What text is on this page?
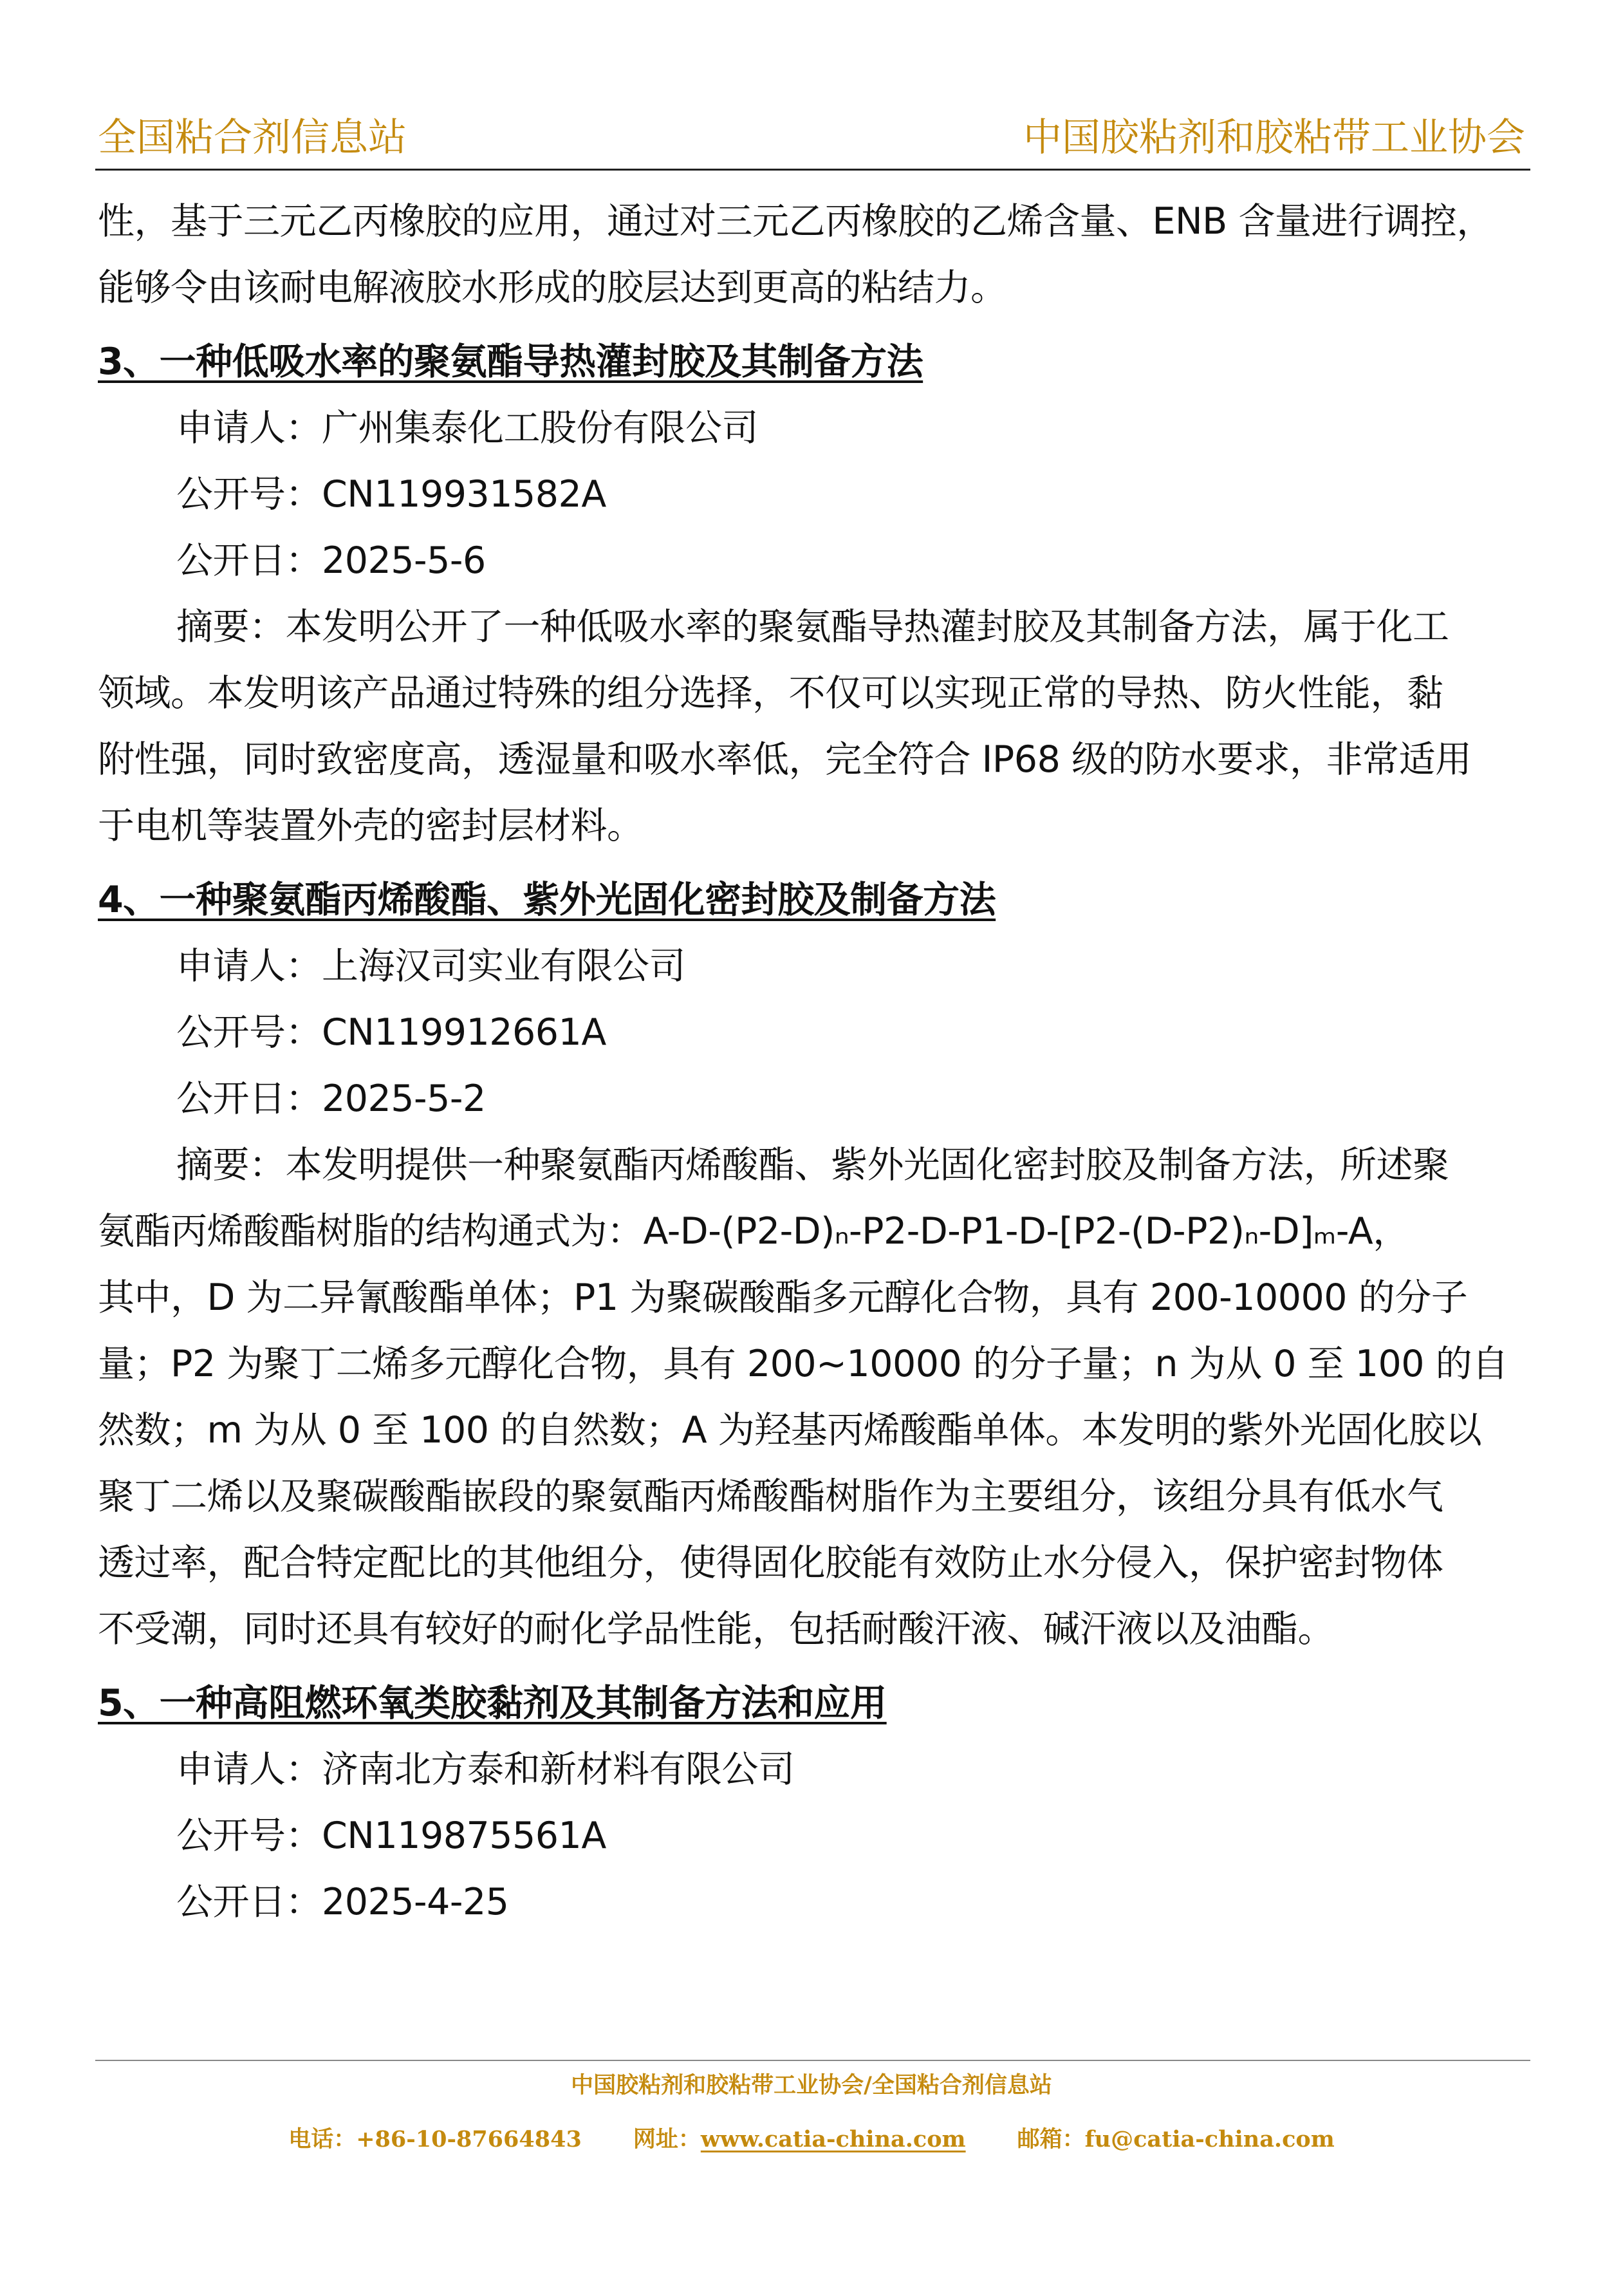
全国粘合剂信息站	中国胶粘剂和胶粘带工业协会
性，基于三元乙丙橡胶的应用，通过对三元乙丙橡胶的乙烯含量、ENB 含量进行调控，
能够令由该耐电解液胶水形成的胶层达到更高的粘结力。
3、一种低吸水率的聚氨酯导热灌封胶及其制备方法
申请人：广州集泰化工股份有限公司
公开号：CN119931582A
公开日：2025-5-6
摘要：本发明公开了一种低吸水率的聚氨酯导热灌封胶及其制备方法，属于化工
领域。本发明该产品通过特殊的组分选择，不仅可以实现正常的导热、防火性能，黏
附性强，同时致密度高，透湿量和吸水率低，完全符合 IP68 级的防水要求，非常适用
于电机等装置外壳的密封层材料。
4、一种聚氨酯丙烯酸酯、紫外光固化密封胶及制备方法
申请人：上海汉司实业有限公司
公开号：CN119912661A
公开日：2025-5-2
摘要：本发明提供一种聚氨酯丙烯酸酯、紫外光固化密封胶及制备方法，所述聚
氨酯丙烯酸酯树脂的结构通式为：A-D-(P2-D)ₙ-P2-D-P1-D-[P2-(D-P2)ₙ-D]ₘ-A，
其中，D 为二异氰酸酯单体；P1 为聚碳酸酯多元醇化合物，具有 200-10000 的分子
量；P2 为聚丁二烯多元醇化合物，具有 200~10000 的分子量；n 为从 0 至 100 的自
然数；m 为从 0 至 100 的自然数；A 为羟基丙烯酸酯单体。本发明的紫外光固化胶以
聚丁二烯以及聚碳酸酯嵌段的聚氨酯丙烯酸酯树脂作为主要组分，该组分具有低水气
透过率，配合特定配比的其他组分，使得固化胶能有效防止水分侵入，保护密封物体
不受潮，同时还具有较好的耐化学品性能，包括耐酸汗液、碱汗液以及油酯。
5、一种高阻燃环氧类胶黏剂及其制备方法和应用
申请人：济南北方泰和新材料有限公司
公开号：CN119875561A
公开日：2025-4-25
中国胶粘剂和胶粘带工业协会/全国粘合剂信息站
电话：+86-10-87664843 网址：www.catia-china.com 邮箱：fu@catia-china.com
